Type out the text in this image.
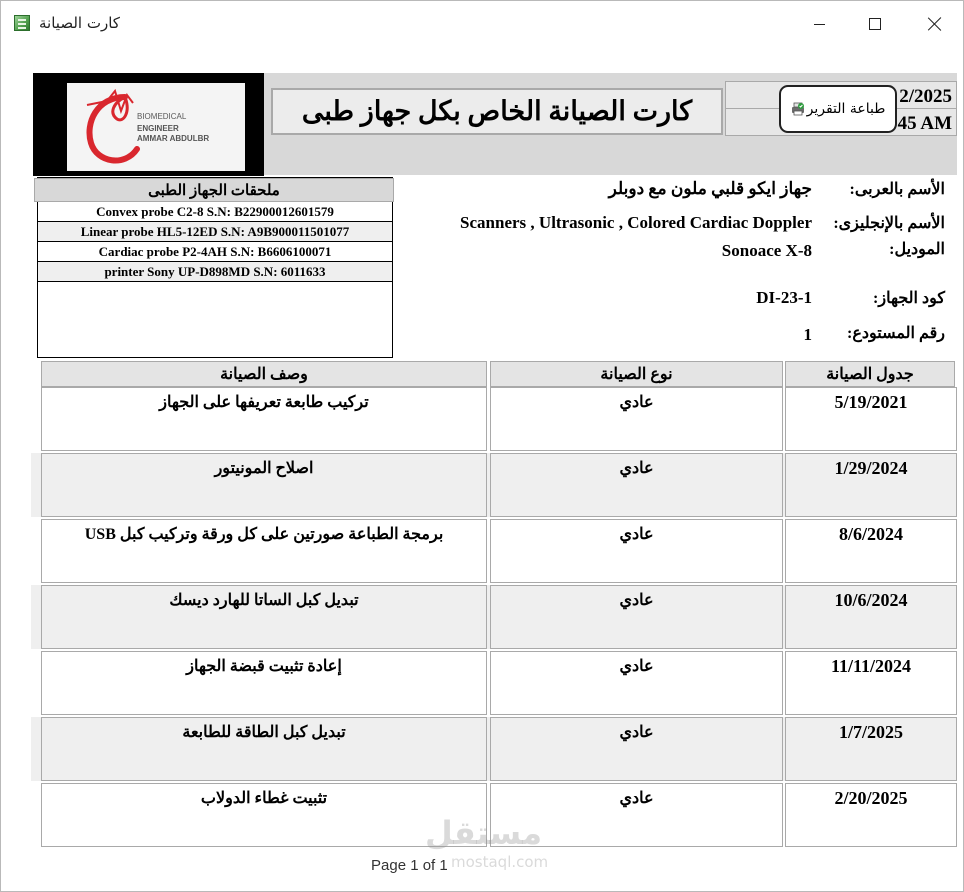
كارت الصيانة
BIOMEDICAL
ENGINEER
AMMAR ABDULBR
كارت الصيانة الخاص بكل جهاز طبى	2/2025
45 AM
طباعة التقرير
ملحقات الجهاز الطبى
Convex probe C2-8 S.N: B22900012601579
Linear probe HL5-12ED S.N: A9B900011501077
Cardiac probe P2-4AH S.N: B6606100071
printer Sony UP-D898MD S.N: 6011633
الأسم بالعربى:
جهاز ايكو قلبي ملون مع دوبلر
الأسم بالإنجليزى:
Scanners , Ultrasonic , Colored Cardiac Doppler
الموديل:
Sonoace X-8
كود الجهاز:
DI-23-1
رقم المستودع:
1
وصف الصيانة	نوع الصيانة	جدول الصيانة
تركيب طابعة تعريفها على الجهاز	عادي	5/19/2021
اصلاح المونيتور	عادي	1/29/2024
برمجة الطباعة صورتين على كل ورقة وتركيب كبل USB	عادي	8/6/2024
تبديل كبل الساتا للهارد ديسك	عادي	10/6/2024
إعادة تثبيت قبضة الجهاز	عادي	11/11/2024
تبديل كبل الطاقة للطابعة	عادي	1/7/2025
تثبيت غطاء الدولاب	عادي	2/20/2025
مستقل
mostaql.com
Page 1 of 1
